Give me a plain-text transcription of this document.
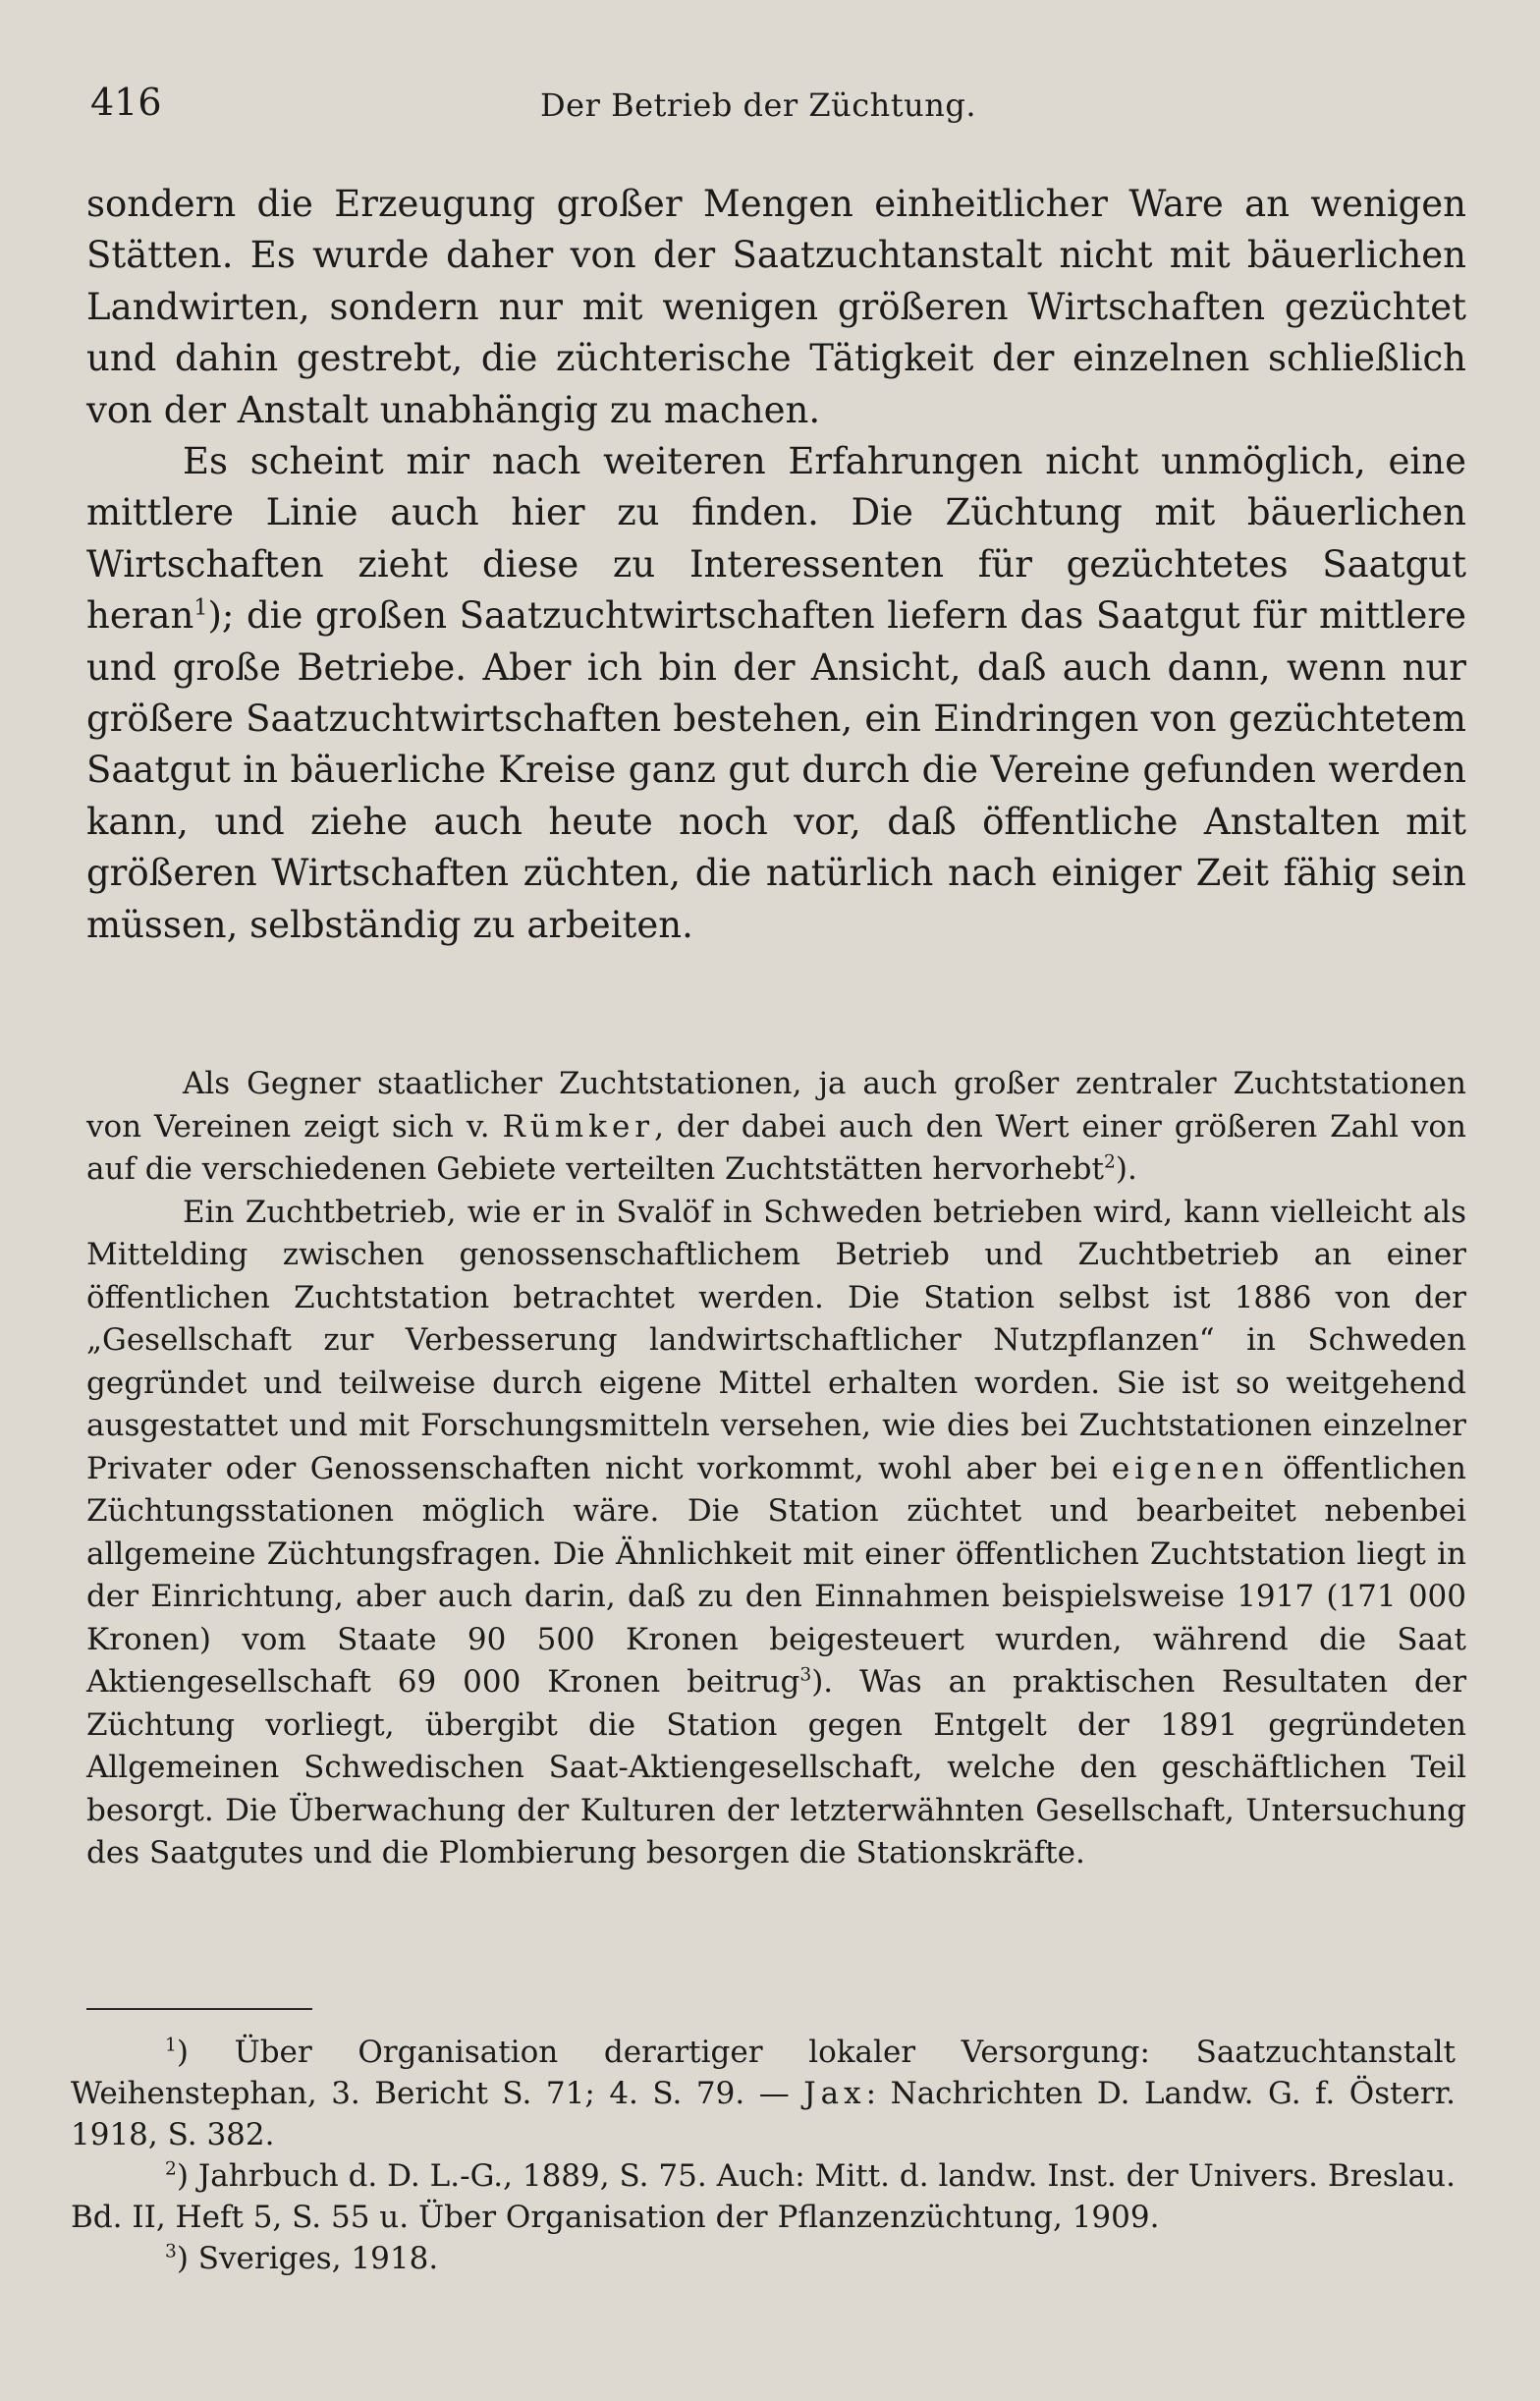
416	Der Betrieb der Züchtung.

sondern die Erzeugung großer Mengen einheitlicher Ware an wenigen Stätten. Es wurde daher von der Saatzuchtanstalt nicht mit bäuerlichen Landwirten, sondern nur mit wenigen größeren Wirtschaften gezüchtet und dahin gestrebt, die züchterische Tätigkeit der einzelnen schließlich von der Anstalt unabhängig zu machen.

Es scheint mir nach weiteren Erfahrungen nicht unmöglich, eine mittlere Linie auch hier zu finden. Die Züchtung mit bäuerlichen Wirtschaften zieht diese zu Interessenten für gezüchtetes Saatgut heran$^1$); die großen Saatzuchtwirtschaften liefern das Saatgut für mittlere und große Betriebe. Aber ich bin der Ansicht, daß auch dann, wenn nur größere Saatzuchtwirtschaften bestehen, ein Eindringen von gezüchtetem Saatgut in bäuerliche Kreise ganz gut durch die Vereine gefunden werden kann, und ziehe auch heute noch vor, daß öffentliche Anstalten mit größeren Wirtschaften züchten, die natürlich nach einiger Zeit fähig sein müssen, selbständig zu arbeiten.

Als Gegner staatlicher Zuchtstationen, ja auch großer zentraler Zuchtstationen von Vereinen zeigt sich v. Rümker, der dabei auch den Wert einer größeren Zahl von auf die verschiedenen Gebiete verteilten Zuchtstätten hervorhebt$^2$).

Ein Zuchtbetrieb, wie er in Svalöf in Schweden betrieben wird, kann vielleicht als Mittelding zwischen genossenschaftlichem Betrieb und Zuchtbetrieb an einer öffentlichen Zuchtstation betrachtet werden. Die Station selbst ist 1886 von der „Gesellschaft zur Verbesserung landwirtschaftlicher Nutzpflanzen“ in Schweden gegründet und teilweise durch eigene Mittel erhalten worden. Sie ist so weitgehend ausgestattet und mit Forschungsmitteln versehen, wie dies bei Zuchtstationen einzelner Privater oder Genossenschaften nicht vorkommt, wohl aber bei eigenen öffentlichen Züchtungsstationen möglich wäre. Die Station züchtet und bearbeitet nebenbei allgemeine Züchtungsfragen. Die Ähnlichkeit mit einer öffentlichen Zuchtstation liegt in der Einrichtung, aber auch darin, daß zu den Einnahmen beispielsweise 1917 (171 000 Kronen) vom Staate 90 500 Kronen beigesteuert wurden, während die Saat Aktiengesellschaft 69 000 Kronen beitrug$^3$). Was an praktischen Resultaten der Züchtung vorliegt, übergibt die Station gegen Entgelt der 1891 gegründeten Allgemeinen Schwedischen Saat-Aktiengesellschaft, welche den geschäftlichen Teil besorgt. Die Überwachung der Kulturen der letzterwähnten Gesellschaft, Untersuchung des Saatgutes und die Plombierung besorgen die Stationskräfte.

$^1$) Über Organisation derartiger lokaler Versorgung: Saatzuchtanstalt Weihenstephan, 3. Bericht S. 71; 4. S. 79. — Jax: Nachrichten D. Landw. G. f. Österr. 1918, S. 382.

$^2$) Jahrbuch d. D. L.-G., 1889, S. 75. Auch: Mitt. d. landw. Inst. der Univers. Breslau. Bd. II, Heft 5, S. 55 u. Über Organisation der Pflanzenzüchtung, 1909.

$^3$) Sveriges, 1918.
